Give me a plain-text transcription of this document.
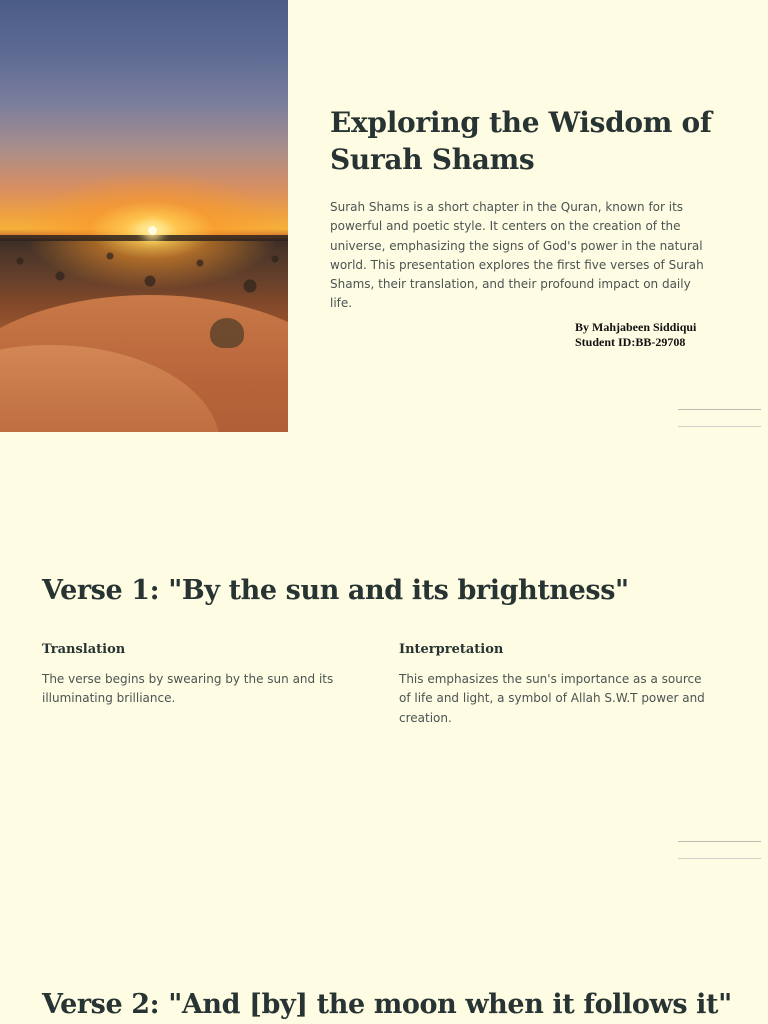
Exploring the Wisdom of Surah Shams

Surah Shams is a short chapter in the Quran, known for its powerful and poetic style. It centers on the creation of the universe, emphasizing the signs of God's power in the natural world. This presentation explores the first five verses of Surah Shams, their translation, and their profound impact on daily life.

By Mahjabeen Siddiqui
Student ID:BB-29708
Verse 1: "By the sun and its brightness"
Translation

The verse begins by swearing by the sun and its illuminating brilliance.

Interpretation

This emphasizes the sun's importance as a source of life and light, a symbol of Allah S.W.T power and creation.

Verse 2: "And [by] the moon when it follows it"
